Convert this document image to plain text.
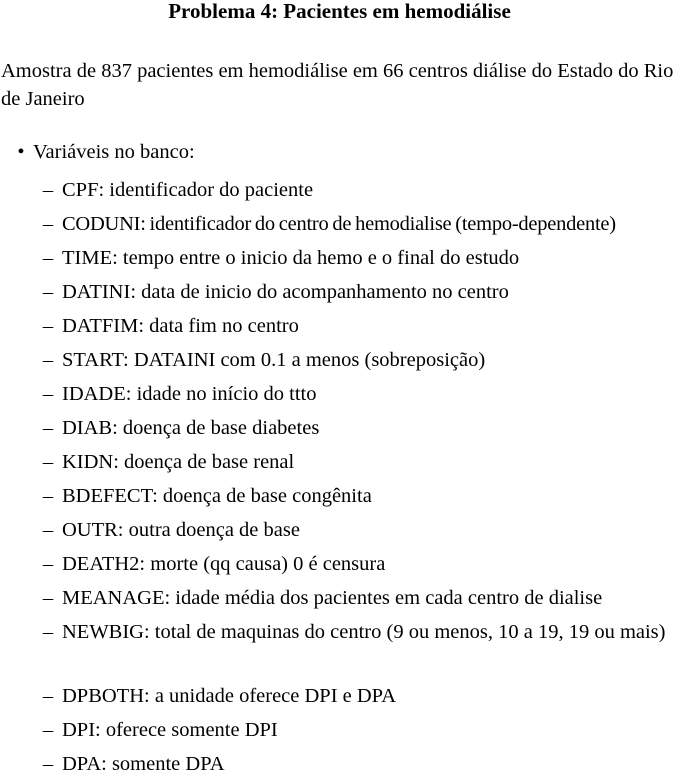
Problema 4: Pacientes em hemodiálise
Amostra de 837 pacientes em hemodiálise em 66 centros diálise do Estado do Rio de Janeiro
• Variáveis no banco:
– CPF: identificador do paciente
– CODUNI: identificador do centro de hemodialise (tempo-dependente)
– TIME: tempo entre o inicio da hemo e o final do estudo
– DATINI: data de inicio do acompanhamento no centro
– DATFIM: data fim no centro
– START: DATAINI com 0.1 a menos (sobreposição)
– IDADE: idade no início do ttto
– DIAB: doença de base diabetes
– KIDN: doença de base renal
– BDEFECT: doença de base congênita
– OUTR: outra doença de base
– DEATH2: morte (qq causa) 0 é censura
– MEANAGE: idade média dos pacientes em cada centro de dialise
– NEWBIG: total de maquinas do centro (9 ou menos, 10 a 19, 19 ou mais)
– DPBOTH: a unidade oferece DPI e DPA
– DPI: oferece somente DPI
– DPA: somente DPA
